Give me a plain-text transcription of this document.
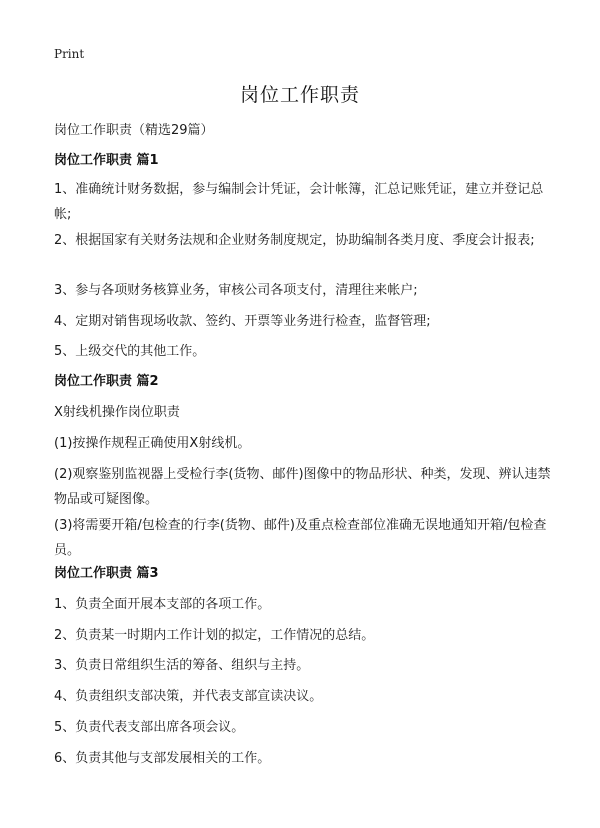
Print
岗位工作职责
岗位工作职责（精选29篇）
岗位工作职责 篇1
1、准确统计财务数据，参与编制会计凭证，会计帐簿，汇总记账凭证，建立并登记总帐;
2、根据国家有关财务法规和企业财务制度规定，协助编制各类月度、季度会计报表;
3、参与各项财务核算业务，审核公司各项支付，清理往来帐户;
4、定期对销售现场收款、签约、开票等业务进行检查，监督管理;
5、上级交代的其他工作。
岗位工作职责 篇2
X射线机操作岗位职责
(1)按操作规程正确使用X射线机。
(2)观察鉴别监视器上受检行李(货物、邮件)图像中的物品形状、种类，发现、辨认违禁物品或可疑图像。
(3)将需要开箱/包检查的行李(货物、邮件)及重点检查部位准确无误地通知开箱/包检查员。
岗位工作职责 篇3
1、负责全面开展本支部的各项工作。
2、负责某一时期内工作计划的拟定，工作情况的总结。
3、负责日常组织生活的筹备、组织与主持。
4、负责组织支部决策，并代表支部宣读决议。
5、负责代表支部出席各项会议。
6、负责其他与支部发展相关的工作。
